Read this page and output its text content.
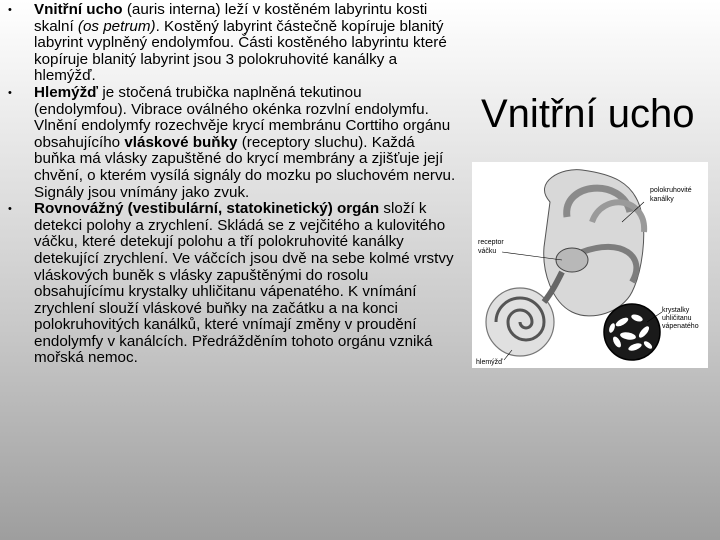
• Vnitřní ucho (auris interna) leží v kostěném labyrintu kosti skalní (os petrum). Kostěný labyrint částečně kopíruje blanitý labyrint vyplněný endolymfou. Části kostěného labyrintu které kopíruje blanitý labyrint jsou 3 polokruhovité kanálky a hlemýžď.
• Hlemýžď je stočená trubička naplněná tekutinou (endolymfou). Vibrace oválného okénka rozvlní endolymfu. Vlnění endolymfy rozechvěje krycí membránu Corttiho orgánu obsahujícího vláskové buňky (receptory sluchu). Každá buňka má vlásky zapuštěné do krycí membrány a zjišťuje její chvění, o kterém vysílá signály do mozku po sluchovém nervu. Signály jsou vnímány jako zvuk.
• Rovnovážný (vestibulární, statokinetický) orgán složí k detekci polohy a zrychlení. Skládá se z vejčitého a kulovitého váčku, které detekují polohu a tří polokruhovité kanálky detekující zrychlení. Ve váčcích jsou dvě na sebe kolmé vrstvy vláskových buněk s vlásky zapuštěnými do rosolu obsahujícímu krystalky uhličitanu vápenatého. K vnímání zrychlení slouží vláskové buňky na začátku a na konci polokruhovitých kanálků, které vnímají změny v proudění endolymfy v kanálcích. Předrážděním tohoto orgánu vzniká mořská nemoc.
Vnitřní ucho
polokruhovité
kanálky
receptor
váčku
krystalky
uhličitanu
vápenatého
hlemýžď
